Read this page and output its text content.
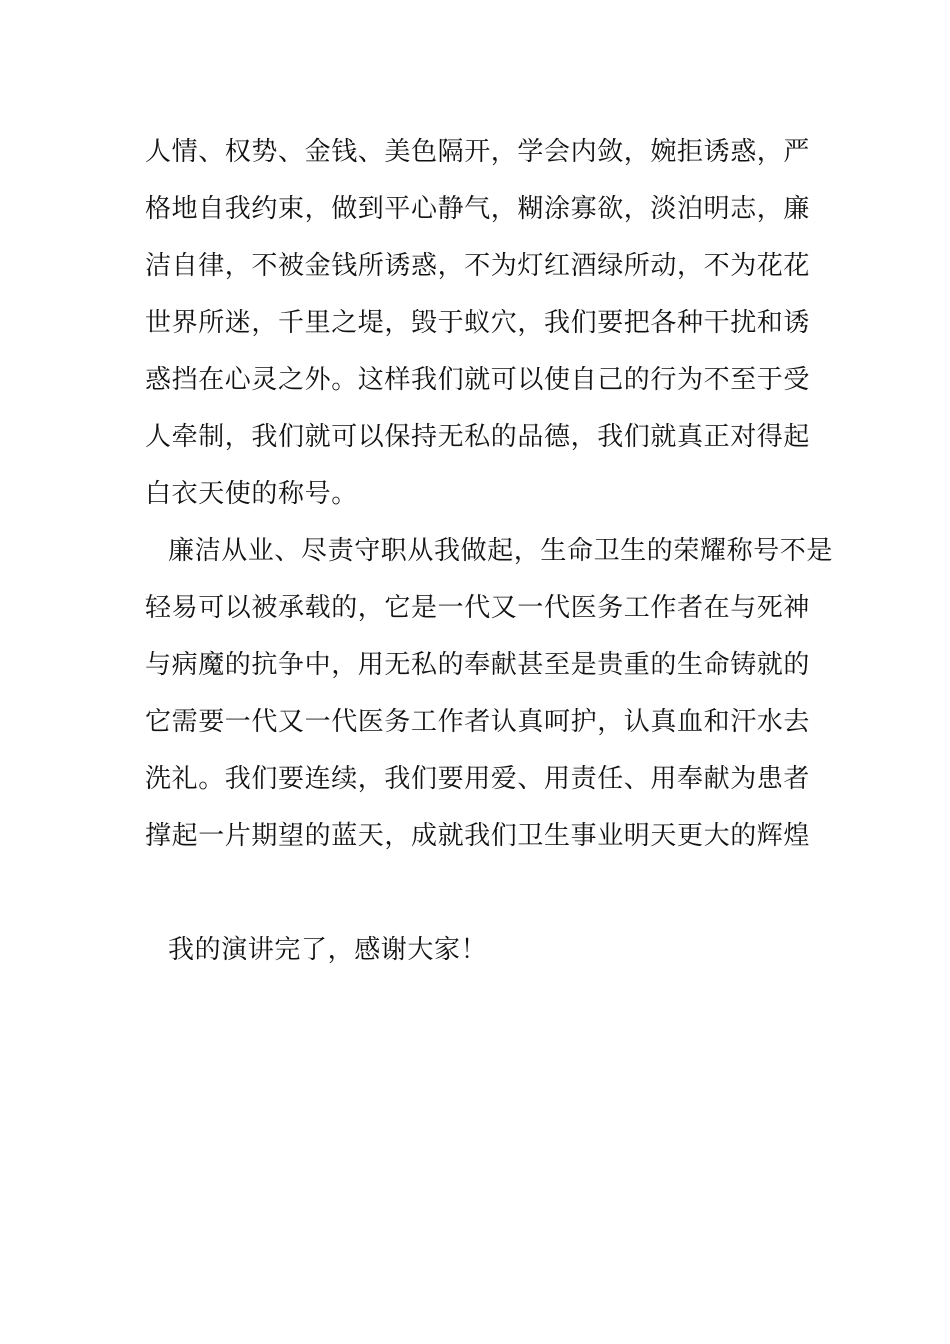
人情、权势、金钱、美色隔开，学会内敛，婉拒诱惑，严
格地自我约束，做到平心静气，糊涂寡欲，淡泊明志，廉
洁自律，不被金钱所诱惑，不为灯红酒绿所动，不为花花
世界所迷，千里之堤，毁于蚁穴，我们要把各种干扰和诱
惑挡在心灵之外。这样我们就可以使自己的行为不至于受
人牵制，我们就可以保持无私的品德，我们就真正对得起
白衣天使的称号。
廉洁从业、尽责守职从我做起，生命卫生的荣耀称号不是
轻易可以被承载的，它是一代又一代医务工作者在与死神
与病魔的抗争中，用无私的奉献甚至是贵重的生命铸就的
它需要一代又一代医务工作者认真呵护，认真血和汗水去
洗礼。我们要连续，我们要用爱、用责任、用奉献为患者
撑起一片期望的蓝天，成就我们卫生事业明天更大的辉煌
我的演讲完了，感谢大家！
